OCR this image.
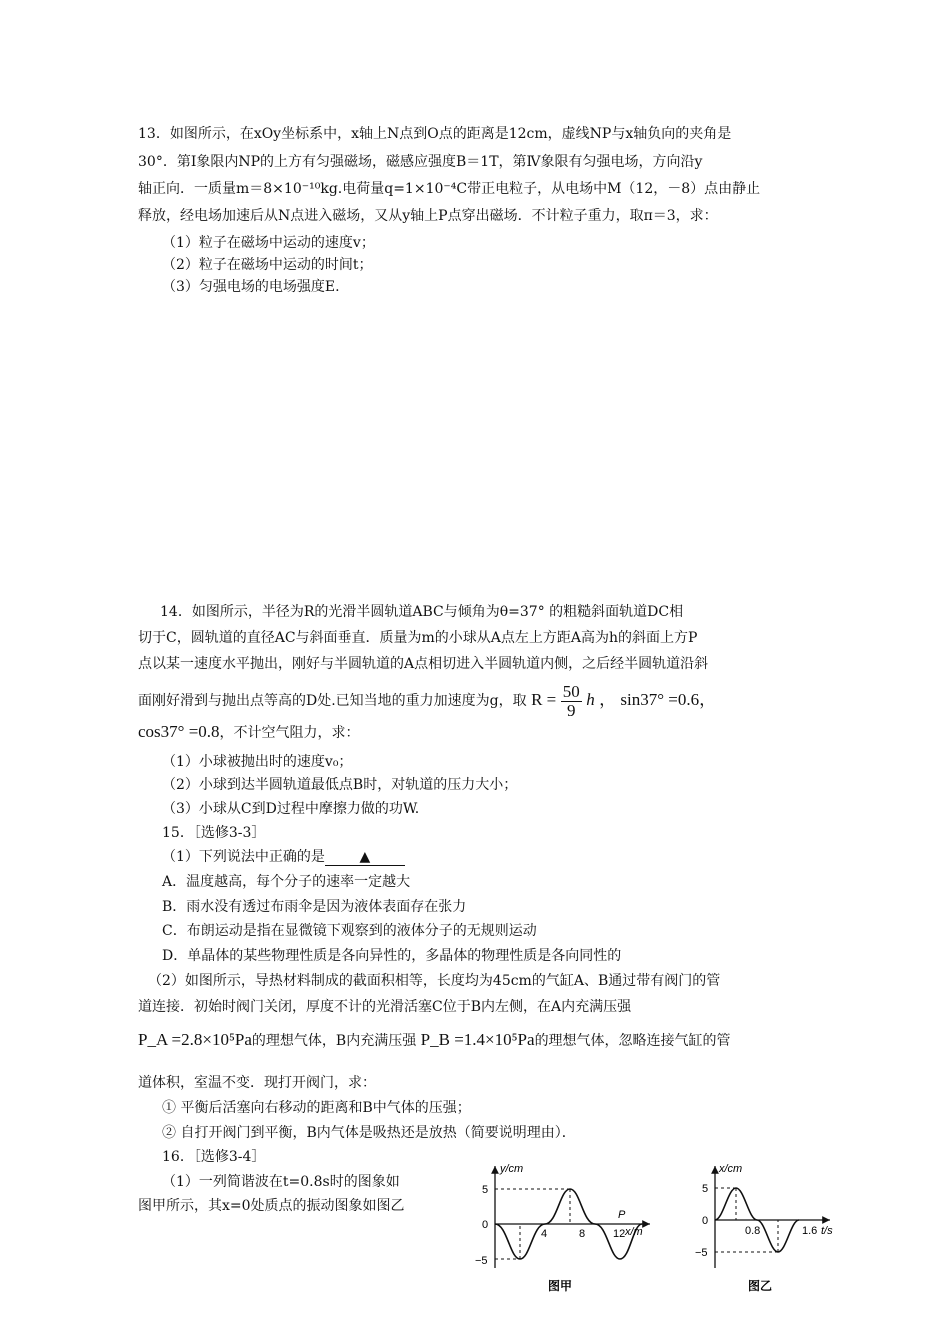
13．如图所示，在xOy坐标系中，x轴上N点到O点的距离是12cm，虚线NP与x轴负向的夹角是
30°．第Ⅰ象限内NP的上方有匀强磁场，磁感应强度B＝1T，第Ⅳ象限有匀强电场，方向沿y
轴正向．一质量m＝8×10⁻¹⁰kg.电荷量q=1×10⁻⁴C带正电粒子，从电场中M（12，－8）点由静止
释放，经电场加速后从N点进入磁场，又从y轴上P点穿出磁场．不计粒子重力，取π＝3，求：
（1）粒子在磁场中运动的速度v；
（2）粒子在磁场中运动的时间t；
（3）匀强电场的电场强度E.
14．如图所示，半径为R的光滑半圆轨道ABC与倾角为θ=37° 的粗糙斜面轨道DC相
切于C，圆轨道的直径AC与斜面垂直．质量为m的小球从A点左上方距A高为h的斜面上方P
点以某一速度水平抛出，刚好与半圆轨道的A点相切进入半圆轨道内侧，之后经半圆轨道沿斜
面刚好滑到与抛出点等高的D处.已知当地的重力加速度为g，取 $R = \frac{50}{9}$ h ， sin37° =0.6，
cos37° =0.8，不计空气阻力，求：
（1）小球被抛出时的速度v₀；
（2）小球到达半圆轨道最低点B时，对轨道的压力大小；
（3）小球从C到D过程中摩擦力做的功W.
15．［选修3-3］
（1）下列说法中正确的是 ▲
A．温度越高，每个分子的速率一定越大
B．雨水没有透过布雨伞是因为液体表面存在张力
C．布朗运动是指在显微镜下观察到的液体分子的无规则运动
D．单晶体的某些物理性质是各向异性的，多晶体的物理性质是各向同性的
（2）如图所示，导热材料制成的截面积相等，长度均为45cm的气缸A、B通过带有阀门的管
道连接．初始时阀门关闭，厚度不计的光滑活塞C位于B内左侧，在A内充满压强
P_A =2.8×10⁵Pa的理想气体，B内充满压强 P_B =1.4×10⁵Pa的理想气体，忽略连接气缸的管
道体积，室温不变．现打开阀门，求：
① 平衡后活塞向右移动的距离和B中气体的压强；
② 自打开阀门到平衡，B内气体是吸热还是放热（简要说明理由）．
16．［选修3-4］
（1）一列简谐波在t=0.8s时的图象如
图甲所示，其x=0处质点的振动图象如图乙
y/cm
x/m
P
5
0
−5
4	8	12
图甲
x/cm
t/s
5
0
−5
0.8	1.6
图乙
